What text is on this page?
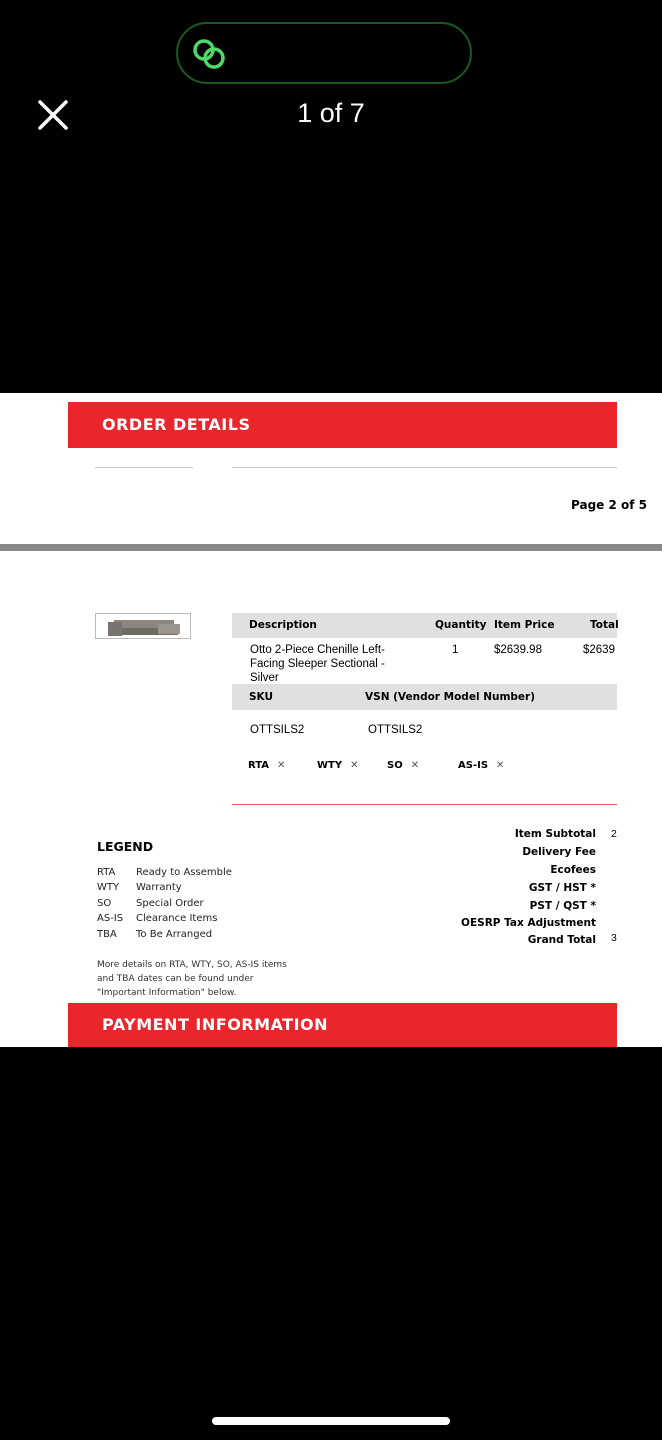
1 of 7
ORDER DETAILS
Page 2 of 5
Description	Quantity Item Price	Total
Otto 2-Piece Chenille Left-Facing Sleeper Sectional - Silver
1	$2639.98	$2639
SKU	VSN (Vendor Model Number)
OTTSILS2	OTTSILS2
RTA ✕	WTY ✕	SO ✕	AS-IS ✕
LEGEND
RTA Ready to Assemble
WTY Warranty
SO Special Order
AS-IS Clearance Items
TBA To Be Arranged
More details on RTA, WTY, SO, AS-IS items and TBA dates can be found under "Important Information" below.
Item Subtotal 2
Delivery Fee
Ecofees
GST / HST *
PST / QST *
OESRP Tax Adjustment
Grand Total 3
PAYMENT INFORMATION
